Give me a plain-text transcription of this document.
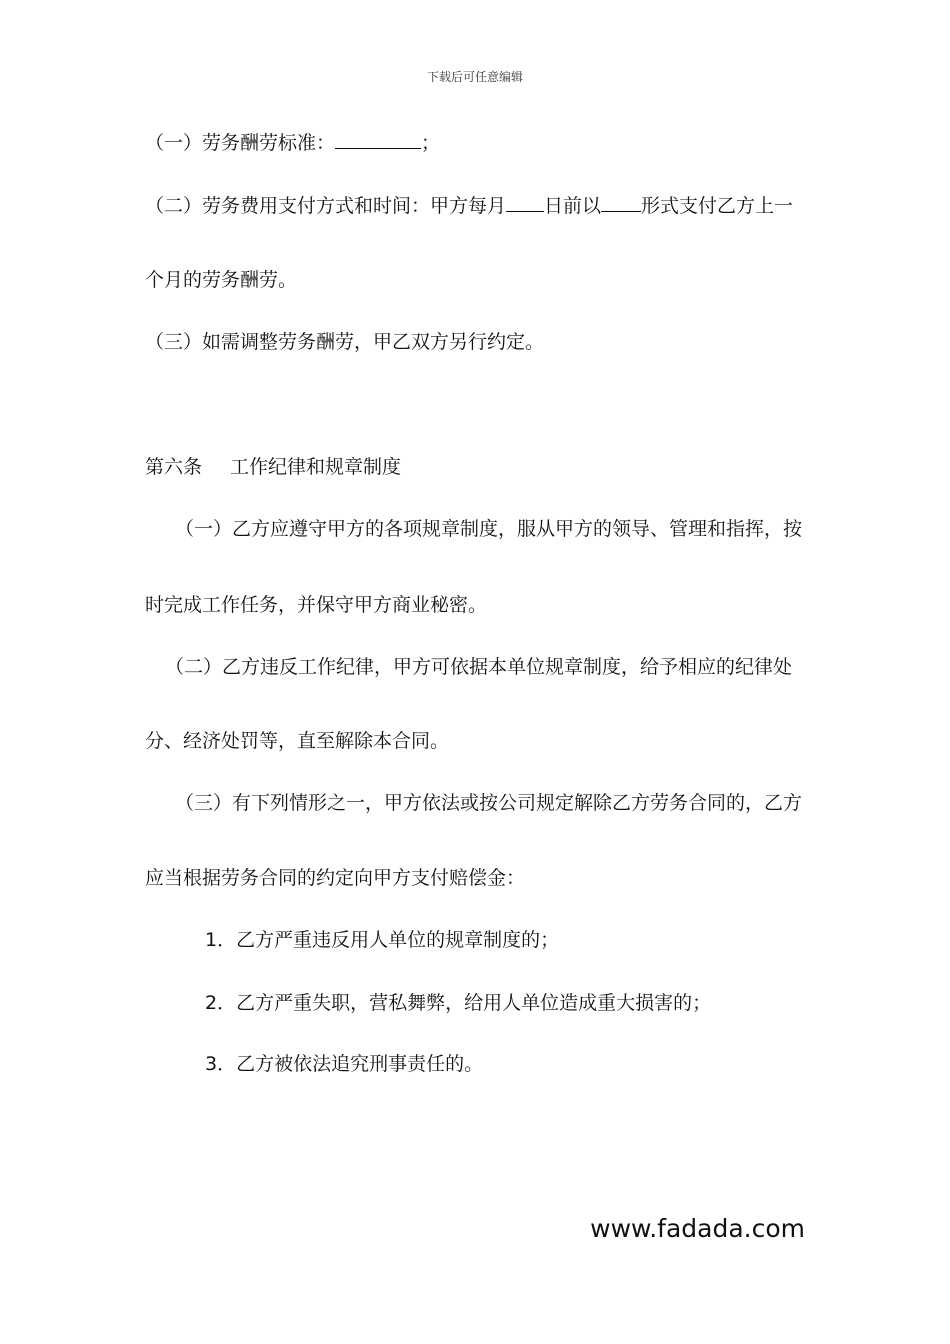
下载后可任意编辑
（一）劳务酬劳标准：	；
（二）劳务费用支付方式和时间：甲方每月 日前以 形式支付乙方上一
个月的劳务酬劳。
（三）如需调整劳务酬劳，甲乙双方另行约定。
第六条 工作纪律和规章制度
（一）乙方应遵守甲方的各项规章制度，服从甲方的领导、管理和指挥，按
时完成工作任务，并保守甲方商业秘密。
（二）乙方违反工作纪律，甲方可依据本单位规章制度，给予相应的纪律处
分、经济处罚等，直至解除本合同。
（三）有下列情形之一，甲方依法或按公司规定解除乙方劳务合同的，乙方
应当根据劳务合同的约定向甲方支付赔偿金：
1．乙方严重违反用人单位的规章制度的；
2．乙方严重失职，营私舞弊，给用人单位造成重大损害的；
3．乙方被依法追究刑事责任的。
www.fadada.com
